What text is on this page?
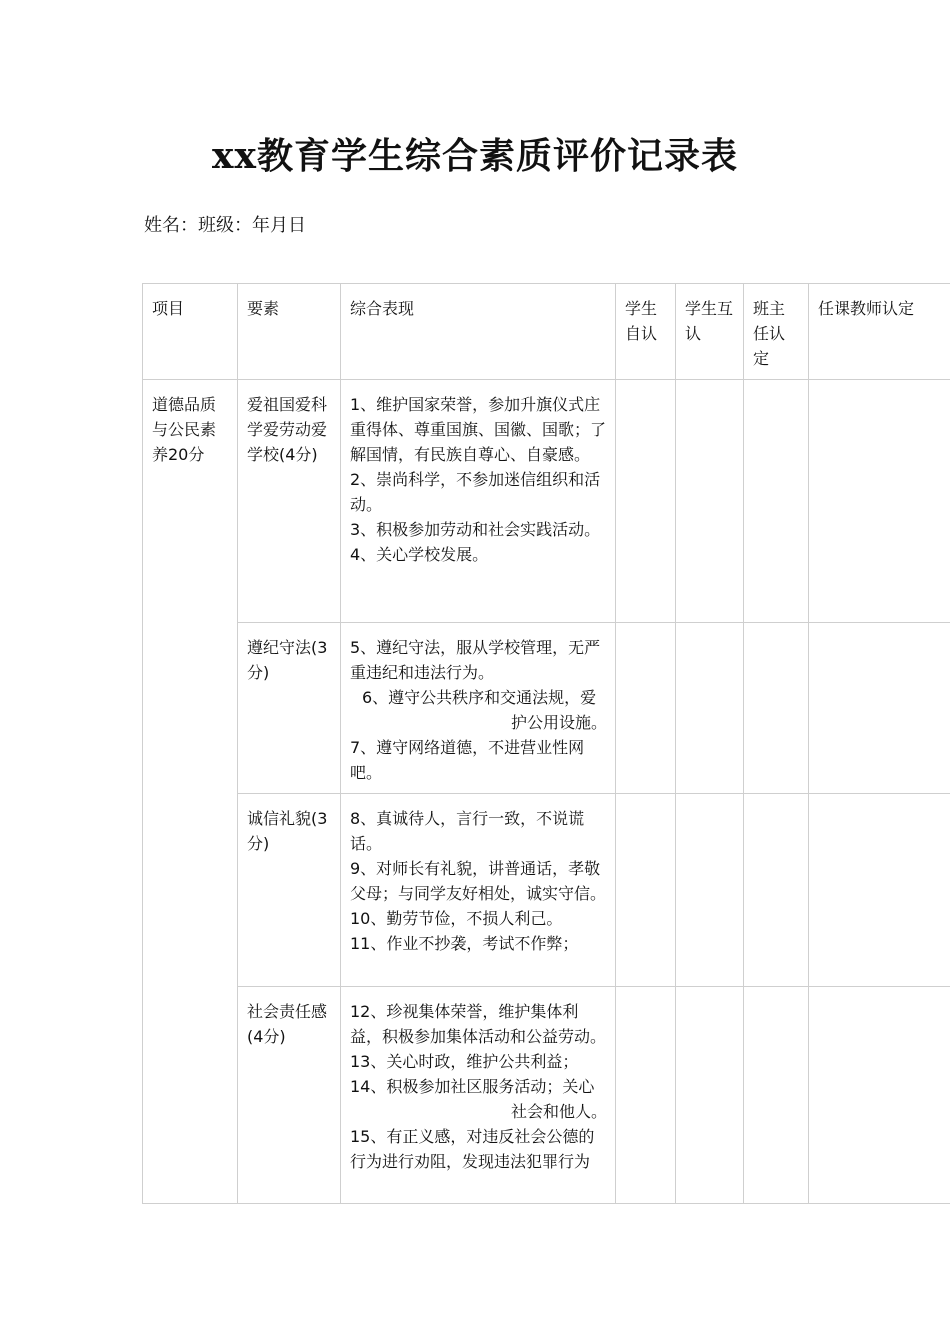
xx教育学生综合素质评价记录表
姓名：班级：年月日
项目	要素	综合表现	学生自认	学生互认	班主任认定	任课教师认定
道德品质与公民素养20分	爱祖国爱科学爱劳动爱学校(4分)	1、维护国家荣誉，参加升旗仪式庄重得体、尊重国旗、国徽、国歌；了解国情，有民族自尊心、自豪感。
2、崇尚科学，不参加迷信组织和活动。
3、积极参加劳动和社会实践活动。
4、关心学校发展。				

	遵纪守法(3分)	5、遵纪守法，服从学校管理，无严重违纪和违法行为。
6、遵守公共秩序和交通法规，爱
护公用设施。
7、遵守网络道德，不进营业性网吧。				

	诚信礼貌(3分)	8、真诚待人，言行一致，不说谎话。
9、对师长有礼貌，讲普通话，孝敬父母；与同学友好相处，诚实守信。
10、勤劳节俭，不损人利己。
11、作业不抄袭，考试不作弊；				

	社会责任感(4分)	12、珍视集体荣誉，维护集体利益，积极参加集体活动和公益劳动。
13、关心时政，维护公共利益；
14、积极参加社区服务活动；关心
社会和他人。
15、有正义感，对违反社会公德的行为进行劝阻，发现违法犯罪行为				
